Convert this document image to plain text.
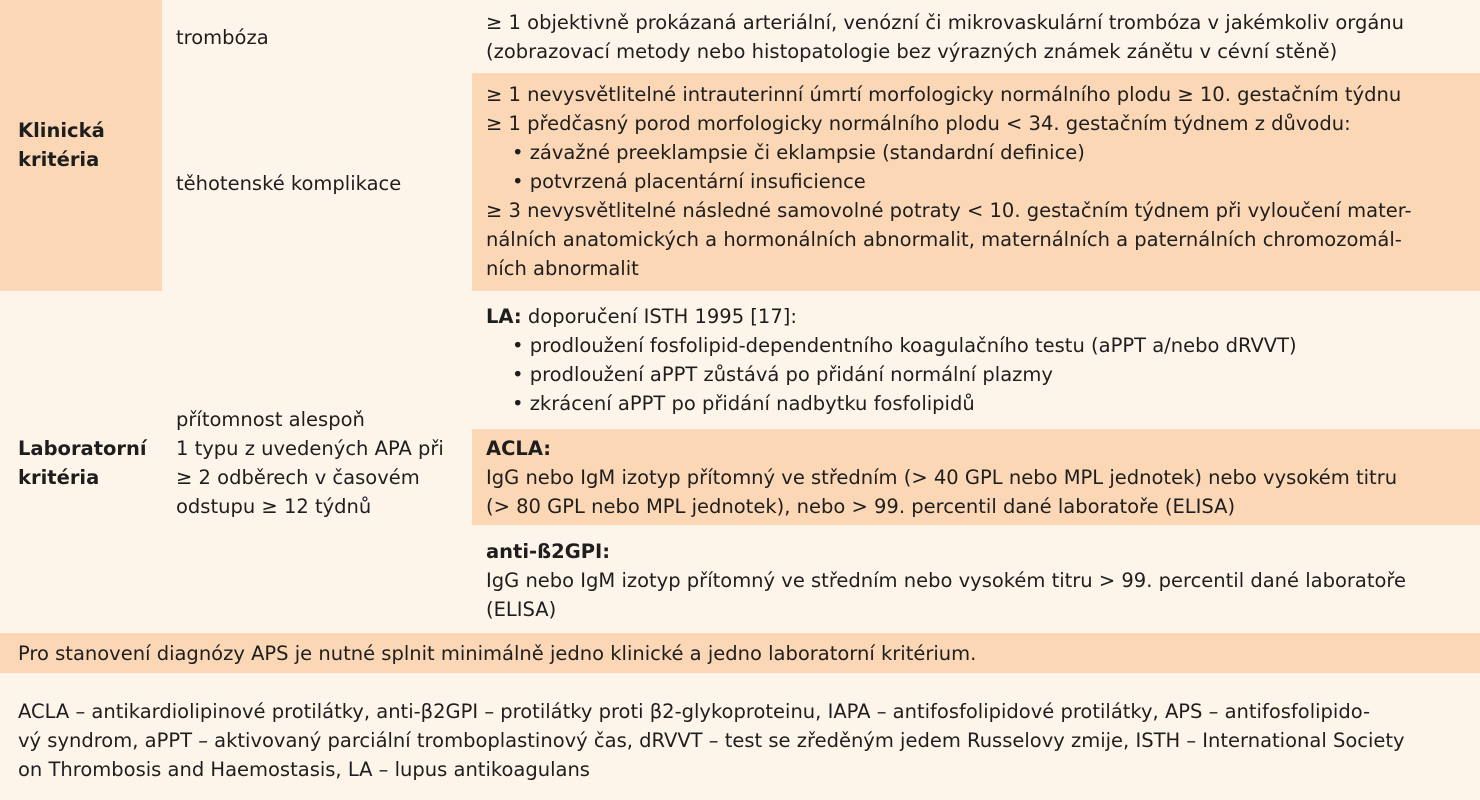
Klinická
kritéria
trombóza
≥ 1 objektivně prokázaná arteriální, venózní či mikrovaskulární trombóza v jakémkoliv orgánu
(zobrazovací metody nebo histopatologie bez výrazných známek zánětu v cévní stěně)
těhotenské komplikace
≥ 1 nevysvětlitelné intrauterinní úmrtí morfologicky normálního plodu ≥ 10. gestačním týdnu
≥ 1 předčasný porod morfologicky normálního plodu < 34. gestačním týdnem z důvodu:
• závažné preeklampsie či eklampsie (standardní definice)
• potvrzená placentární insuficience
≥ 3 nevysvětlitelné následné samovolné potraty < 10. gestačním týdnem při vyloučení mater-
nálních anatomických a hormonálních abnormalit, maternálních a paternálních chromozomál-
ních abnormalit
Laboratorní
kritéria
přítomnost alespoň
1 typu z uvedených APA při
≥ 2 odběrech v časovém
odstupu ≥ 12 týdnů
LA: doporučení ISTH 1995 [17]:
• prodloužení fosfolipid-dependentního koagulačního testu (aPPT a/nebo dRVVT)
• prodloužení aPPT zůstává po přidání normální plazmy
• zkrácení aPPT po přidání nadbytku fosfolipidů
ACLA:
IgG nebo IgM izotyp přítomný ve středním (> 40 GPL nebo MPL jednotek) nebo vysokém titru
(> 80 GPL nebo MPL jednotek), nebo > 99. percentil dané laboratoře (ELISA)
anti-ß2GPI:
IgG nebo IgM izotyp přítomný ve středním nebo vysokém titru > 99. percentil dané laboratoře
(ELISA)
Pro stanovení diagnózy APS je nutné splnit minimálně jedno klinické a jedno laboratorní kritérium.
ACLA – antikardiolipinové protilátky, anti-β2GPI – protilátky proti β2-glykoproteinu, IAPA – antifosfolipidové protilátky, APS – antifosfolipido-
vý syndrom, aPPT – aktivovaný parciální tromboplastinový čas, dRVVT – test se zředěným jedem Russelovy zmije, ISTH – International Society
on Thrombosis and Haemostasis, LA – lupus antikoagulans
